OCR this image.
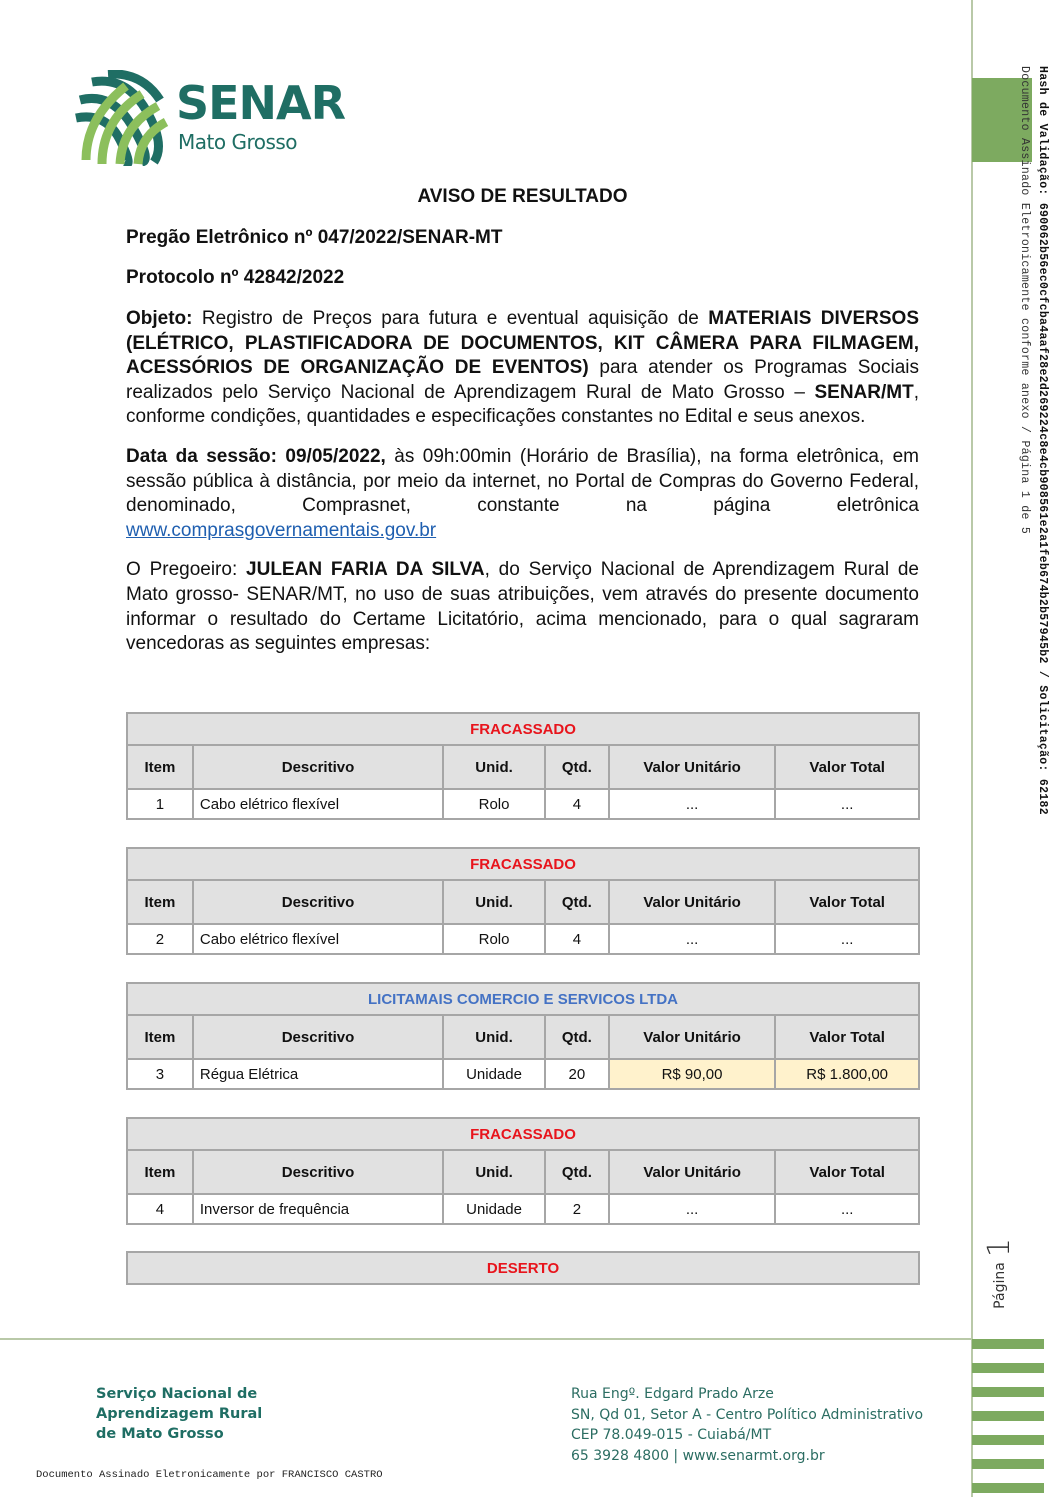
Hash de Validação: 690062b56ec0cfcba4aaf28e2d269224c8e4cb908561e2a1feb674b2b57945b2 / Solicitação: 62182
Documento Assinado Eletronicamente conforme anexo / Página 1 de 5
Página 1
SENAR
Mato Grosso
AVISO DE RESULTADO
Pregão Eletrônico nº 047/2022/SENAR-MT
Protocolo nº 42842/2022

Objeto: Registro de Preços para futura e eventual aquisição de MATERIAIS DIVERSOS (ELÉTRICO, PLASTIFICADORA DE DOCUMENTOS, KIT CÂMERA PARA FILMAGEM, ACESSÓRIOS DE ORGANIZAÇÃO DE EVENTOS) para atender os Programas Sociais realizados pelo Serviço Nacional de Aprendizagem Rural de Mato Grosso – SENAR/MT, conforme condições, quantidades e especificações constantes no Edital e seus anexos.

Data da sessão: 09/05/2022, às 09h:00min (Horário de Brasília), na forma eletrônica, em sessão pública à distância, por meio da internet, no Portal de Compras do Governo Federal, denominado, Comprasnet, constante na página eletrônica www.comprasgovernamentais.gov.br

O Pregoeiro: JULEAN FARIA DA SILVA, do Serviço Nacional de Aprendizagem Rural de Mato grosso- SENAR/MT, no uso de suas atribuições, vem através do presente documento informar o resultado do Certame Licitatório, acima mencionado, para o qual sagraram vencedoras as seguintes empresas:

FRACASSADO					
Item	Descritivo	Unid.	Qtd.	Valor Unitário	Valor Total
1	Cabo elétrico flexível	Rolo	4	...	...
FRACASSADO					
Item	Descritivo	Unid.	Qtd.	Valor Unitário	Valor Total
2	Cabo elétrico flexível	Rolo	4	...	...
LICITAMAIS COMERCIO E SERVICOS LTDA					
Item	Descritivo	Unid.	Qtd.	Valor Unitário	Valor Total
3	Régua Elétrica	Unidade	20	R$ 90,00	R$ 1.800,00
FRACASSADO					
Item	Descritivo	Unid.	Qtd.	Valor Unitário	Valor Total
4	Inversor de frequência	Unidade	2	...	...
DESERTO
Serviço Nacional de
Aprendizagem Rural
de Mato Grosso
Rua Engº. Edgard Prado Arze
SN, Qd 01, Setor A - Centro Político Administrativo
CEP 78.049-015 - Cuiabá/MT
65 3928 4800 | www.senarmt.org.br
Documento Assinado Eletronicamente por FRANCISCO CASTRO
